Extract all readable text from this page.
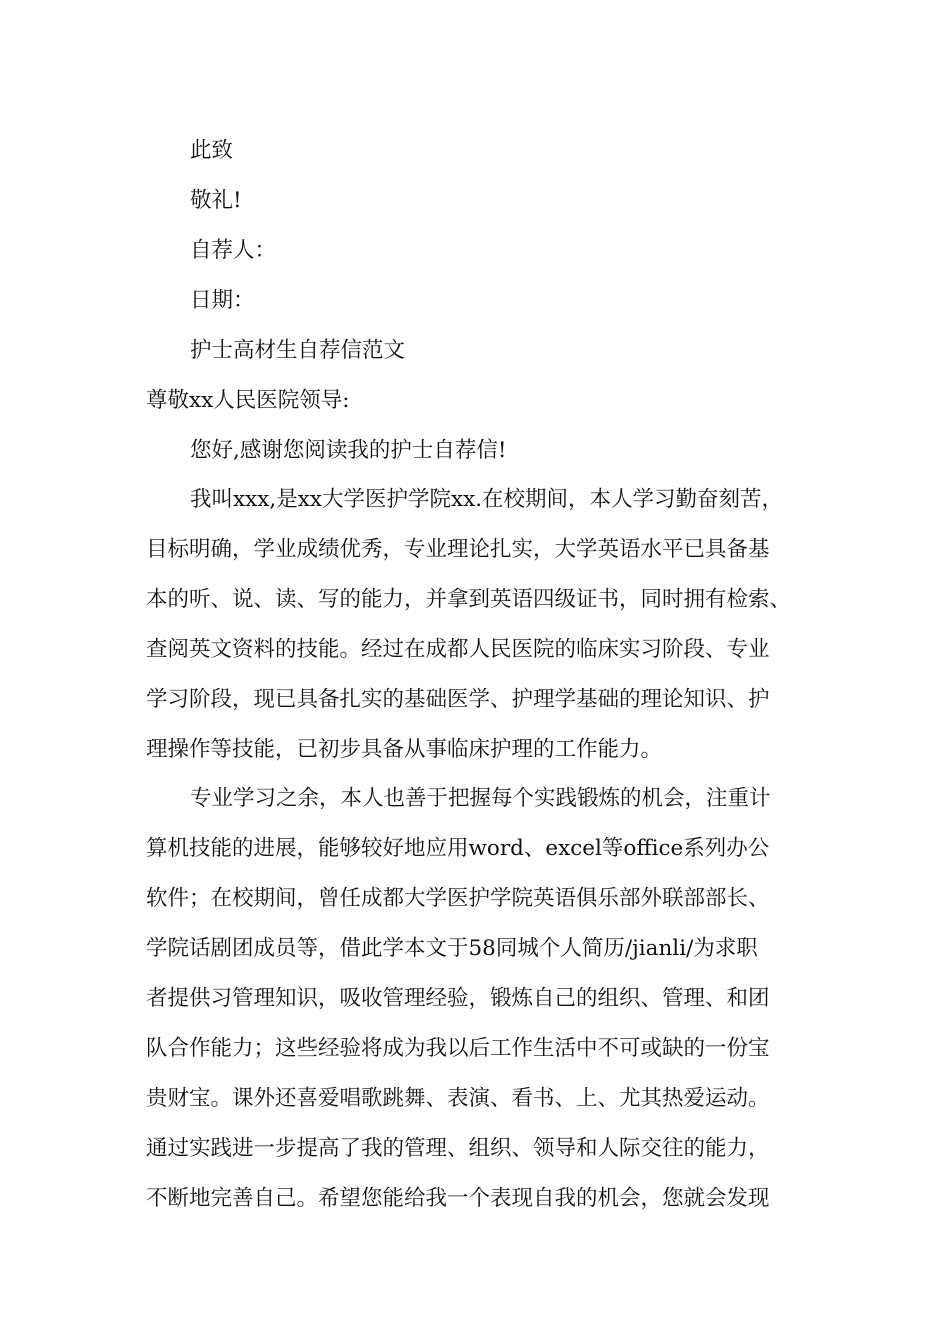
此致
敬礼!
自荐人：
日期：
护士高材生自荐信范文
尊敬xx人民医院领导:
您好,感谢您阅读我的护士自荐信!
我叫xxx,是xx大学医护学院xx.在校期间，本人学习勤奋刻苦，
目标明确，学业成绩优秀，专业理论扎实，大学英语水平已具备基
本的听、说、读、写的能力，并拿到英语四级证书，同时拥有检索、
查阅英文资料的技能。经过在成都人民医院的临床实习阶段、专业
学习阶段，现已具备扎实的基础医学、护理学基础的理论知识、护
理操作等技能，已初步具备从事临床护理的工作能力。
专业学习之余，本人也善于把握每个实践锻炼的机会，注重计
算机技能的进展，能够较好地应用word、excel等office系列办公
软件；在校期间，曾任成都大学医护学院英语俱乐部外联部部长、
学院话剧团成员等，借此学本文于58同城个人简历/jianli/为求职
者提供习管理知识，吸收管理经验，锻炼自己的组织、管理、和团
队合作能力；这些经验将成为我以后工作生活中不可或缺的一份宝
贵财宝。课外还喜爱唱歌跳舞、表演、看书、上、尤其热爱运动。
通过实践进一步提高了我的管理、组织、领导和人际交往的能力，
不断地完善自己。希望您能给我一个表现自我的机会，您就会发现
